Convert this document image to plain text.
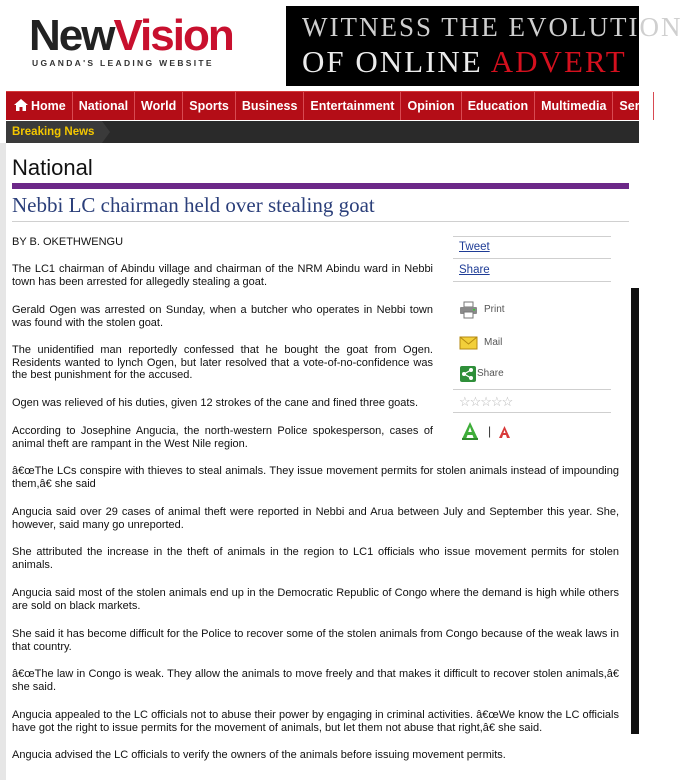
NewVision
UGANDA'S LEADING WEBSITE
WITNESS THE EVOLUTION
OF ONLINE ADVERT
Home National World Sports Business Entertainment Opinion Education Multimedia Serv
Breaking News
National
Nebbi LC chairman held over stealing goat
BY B. OKETHWENGU
The LC1 chairman of Abindu village and chairman of the NRM Abindu ward in Nebbi town has been arrested for allegedly stealing a goat.
Gerald Ogen was arrested on Sunday, when a butcher who operates in Nebbi town was found with the stolen goat.
The unidentified man reportedly confessed that he bought the goat from Ogen. Residents wanted to lynch Ogen, but later resolved that a vote-of-no-confidence was the best punishment for the accused.
Ogen was relieved of his duties, given 12 strokes of the cane and fined three goats.
According to Josephine Angucia, the north-western Police spokesperson, cases of animal theft are rampant in the West Nile region.
â€œThe LCs conspire with thieves to steal animals. They issue movement permits for stolen animals instead of impounding them,â€ she said
Angucia said over 29 cases of animal theft were reported in Nebbi and Arua between July and September this year. She, however, said many go unreported.
She attributed the increase in the theft of animals in the region to LC1 officials who issue movement permits for stolen animals.
Angucia said most of the stolen animals end up in the Democratic Republic of Congo where the demand is high while others are sold on black markets.
She said it has become difficult for the Police to recover some of the stolen animals from Congo because of the weak laws in that country.
â€œThe law in Congo is weak. They allow the animals to move freely and that makes it difficult to recover stolen animals,â€ she said.
Angucia appealed to the LC officials not to abuse their power by engaging in criminal activities. â€œWe know the LC officials have got the right to issue permits for the movement of animals, but let them not abuse that right,â€ she said.
Angucia advised the LC officials to verify the owners of the animals before issuing movement permits.
Tweet
Share
Print
Mail
Share
☆☆☆☆☆
|
